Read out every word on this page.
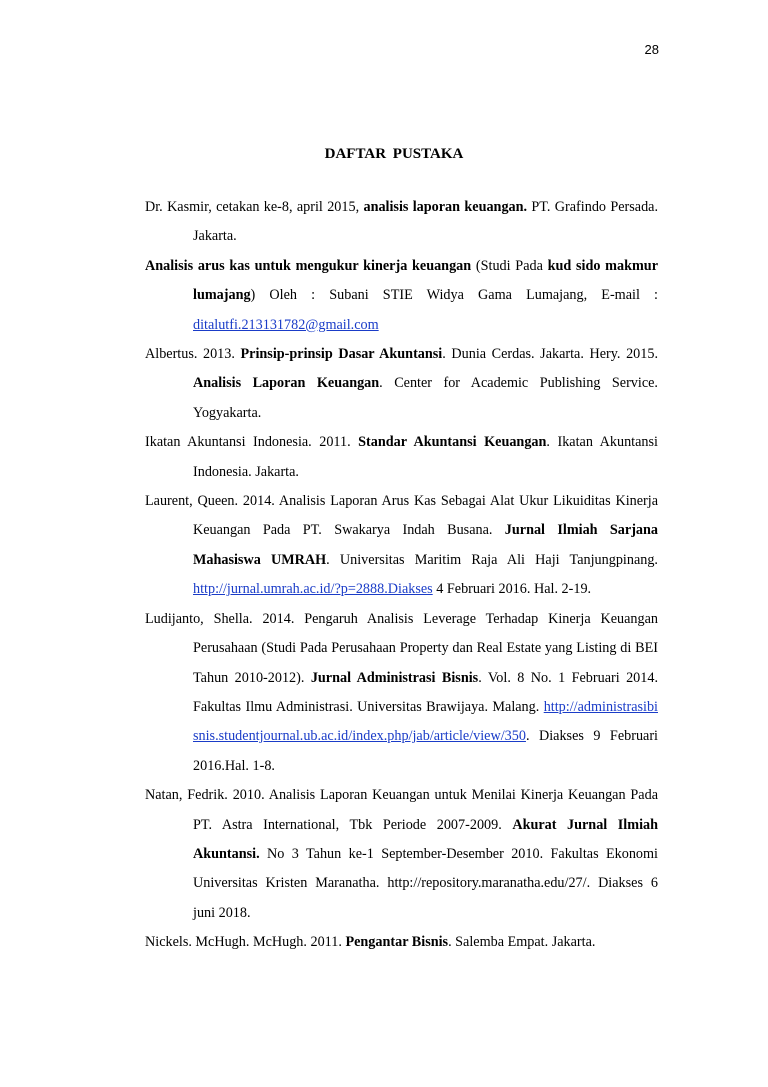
28
DAFTAR PUSTAKA

Dr. Kasmir, cetakan ke-8, april 2015, analisis laporan keuangan. PT. Grafindo Persada. Jakarta.

Analisis arus kas untuk mengukur kinerja keuangan (Studi Pada kud sido makmur lumajang) Oleh : Subani STIE Widya Gama Lumajang, E-mail : ditalutfi.213131782@gmail.com

Albertus. 2013. Prinsip-prinsip Dasar Akuntansi. Dunia Cerdas. Jakarta. Hery. 2015. Analisis Laporan Keuangan. Center for Academic Publishing Service. Yogyakarta.

Ikatan Akuntansi Indonesia. 2011. Standar Akuntansi Keuangan. Ikatan Akuntansi Indonesia. Jakarta.

Laurent, Queen. 2014. Analisis Laporan Arus Kas Sebagai Alat Ukur Likuiditas Kinerja Keuangan Pada PT. Swakarya Indah Busana. Jurnal Ilmiah Sarjana Mahasiswa UMRAH. Universitas Maritim Raja Ali Haji Tanjungpinang. http://jurnal.umrah.ac.id/?p=2888.Diakses 4 Februari 2016. Hal. 2-19.

Ludijanto, Shella. 2014. Pengaruh Analisis Leverage Terhadap Kinerja Keuangan Perusahaan (Studi Pada Perusahaan Property dan Real Estate yang Listing di BEI Tahun 2010-2012). Jurnal Administrasi Bisnis. Vol. 8 No. 1 Februari 2014. Fakultas Ilmu Administrasi. Universitas Brawijaya. Malang. http://administrasibisnis.studentjournal.ub.ac.id/index.php/jab/article/view/350. Diakses 9 Februari 2016.Hal. 1-8.

Natan, Fedrik. 2010. Analisis Laporan Keuangan untuk Menilai Kinerja Keuangan Pada PT. Astra International, Tbk Periode 2007-2009. Akurat Jurnal Ilmiah Akuntansi. No 3 Tahun ke-1 September-Desember 2010. Fakultas Ekonomi Universitas Kristen Maranatha. http://repository.maranatha.edu/27/. Diakses 6 juni 2018.

Nickels. McHugh. McHugh. 2011. Pengantar Bisnis. Salemba Empat. Jakarta.
